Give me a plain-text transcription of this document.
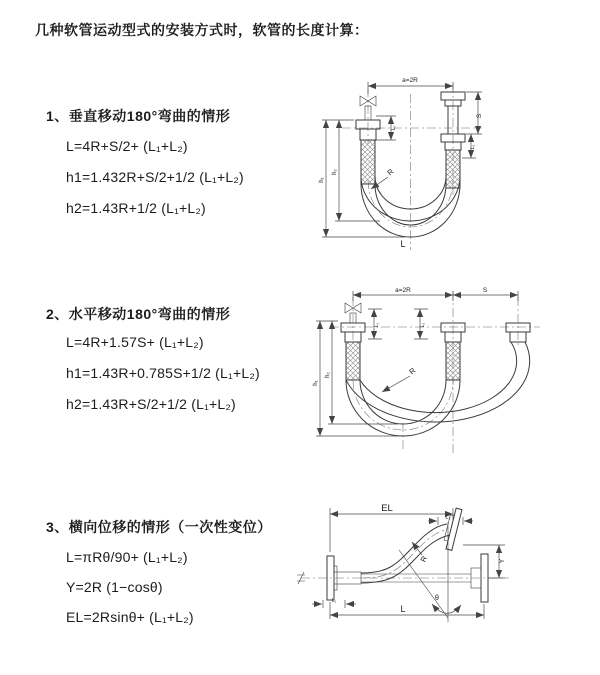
几种软管运动型式的安装方式时，软管的长度计算：
1、垂直移动180°弯曲的情形
L=4R+S/2+ (L₁+L₂)
h1=1.432R+S/2+1/2 (L₁+L₂)
h2=1.43R+1/2 (L₁+L₂)
2、水平移动180°弯曲的情形
L=4R+1.57S+ (L₁+L₂)
h1=1.43R+0.785S+1/2 (L₁+L₂)
h2=1.43R+S/2+1/2 (L₁+L₂)
3、横向位移的情形（一次性变位）
L=πRθ/90+ (L₁+L₂)
Y=2R (1−cosθ)
EL=2Rsinθ+ (L₁+L₂)
a=2R
S
L₂
L₁
h₁
h₂	R
L
a=2R	S
L₁	L₂
h₁
h₂	R
EL
L₂
Y
R
θ
L
L₁
